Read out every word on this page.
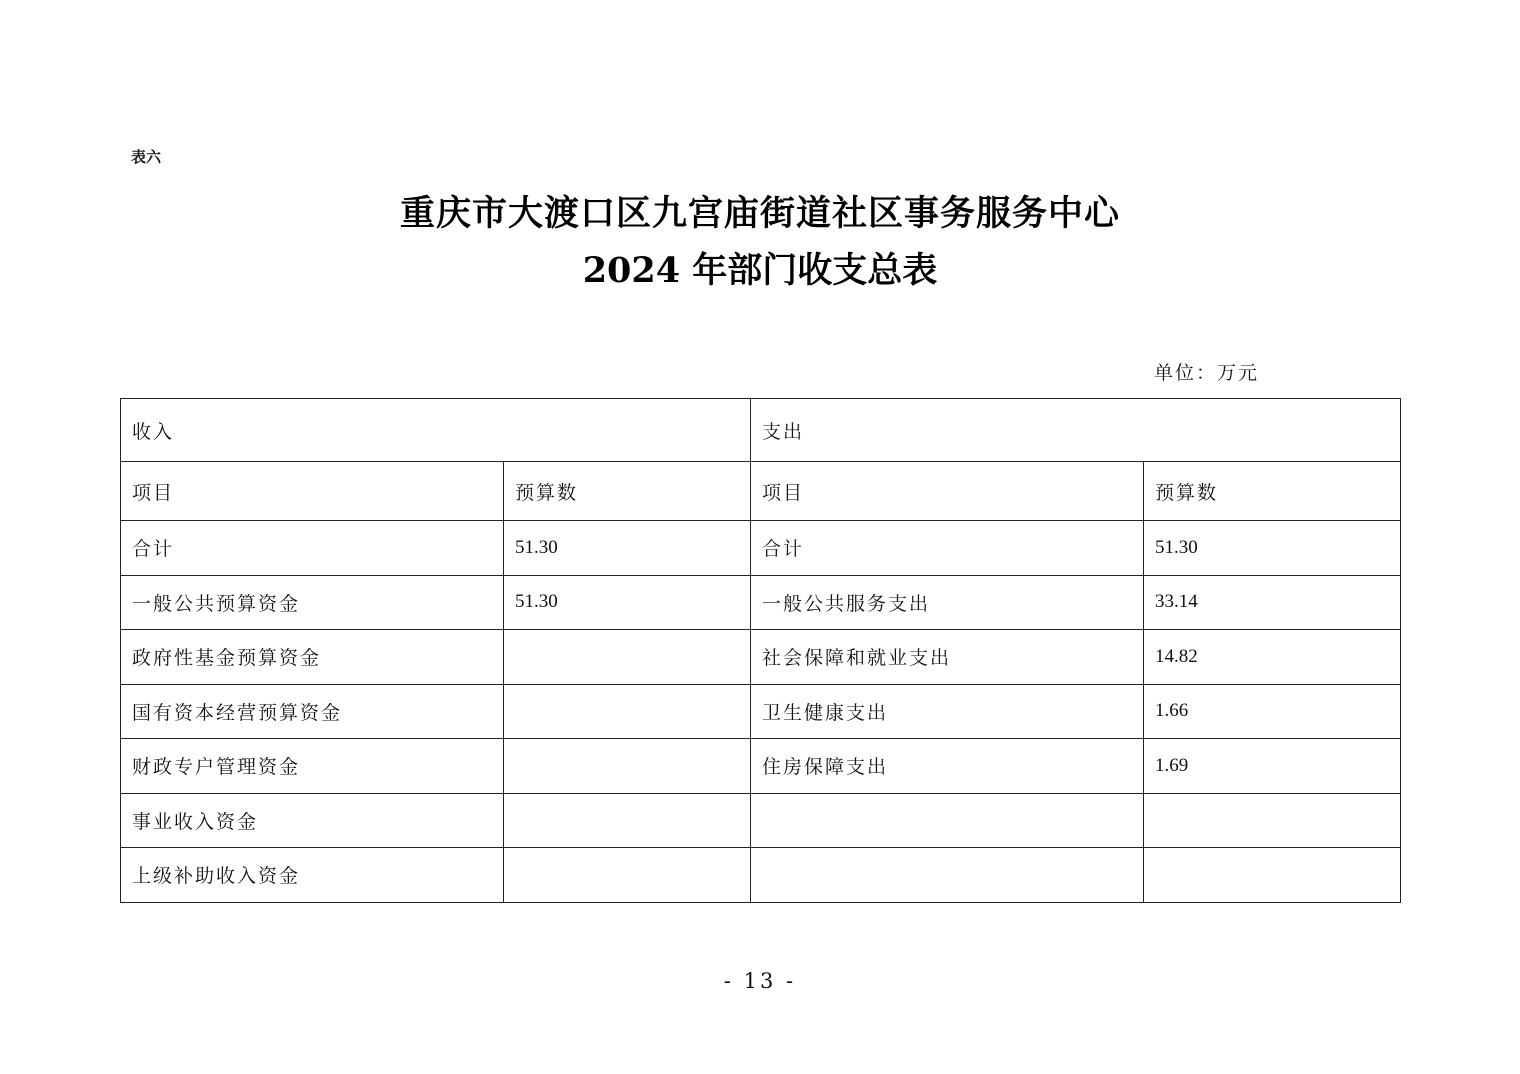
表六
重庆市大渡口区九宫庙街道社区事务服务中心
2024 年部门收支总表
单位：万元
收入		支出	
项目	预算数	项目	预算数
合计	51.30	合计	51.30
一般公共预算资金	51.30	一般公共服务支出	33.14
政府性基金预算资金		社会保障和就业支出	14.82
国有资本经营预算资金		卫生健康支出	1.66
财政专户管理资金		住房保障支出	1.69
事业收入资金			
上级补助收入资金			
- 13 -
